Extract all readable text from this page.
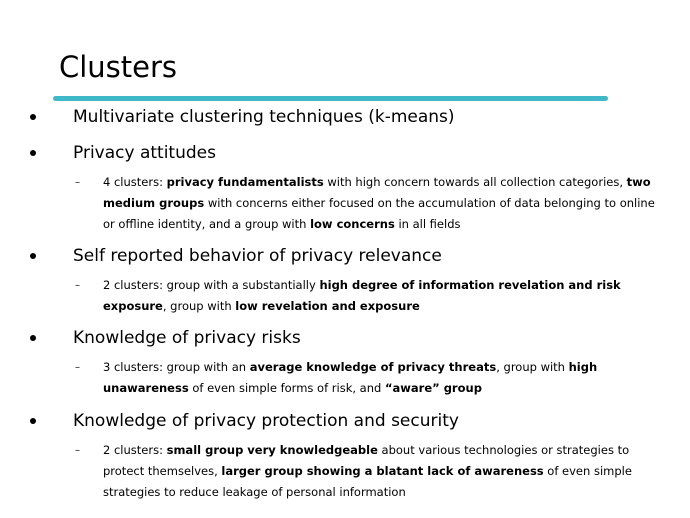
Clusters
Multivariate clustering techniques (k-means)
Privacy attitudes
– 4 clusters: privacy fundamentalists with high concern towards all collection categories, two medium groups with concerns either focused on the accumulation of data belonging to online or offline identity, and a group with low concerns in all fields
Self reported behavior of privacy relevance
– 2 clusters: group with a substantially high degree of information revelation and risk exposure, group with low revelation and exposure
Knowledge of privacy risks
– 3 clusters: group with an average knowledge of privacy threats, group with high unawareness of even simple forms of risk, and “aware” group
Knowledge of privacy protection and security
– 2 clusters: small group very knowledgeable about various technologies or strategies to protect themselves, larger group showing a blatant lack of awareness of even simple strategies to reduce leakage of personal information
